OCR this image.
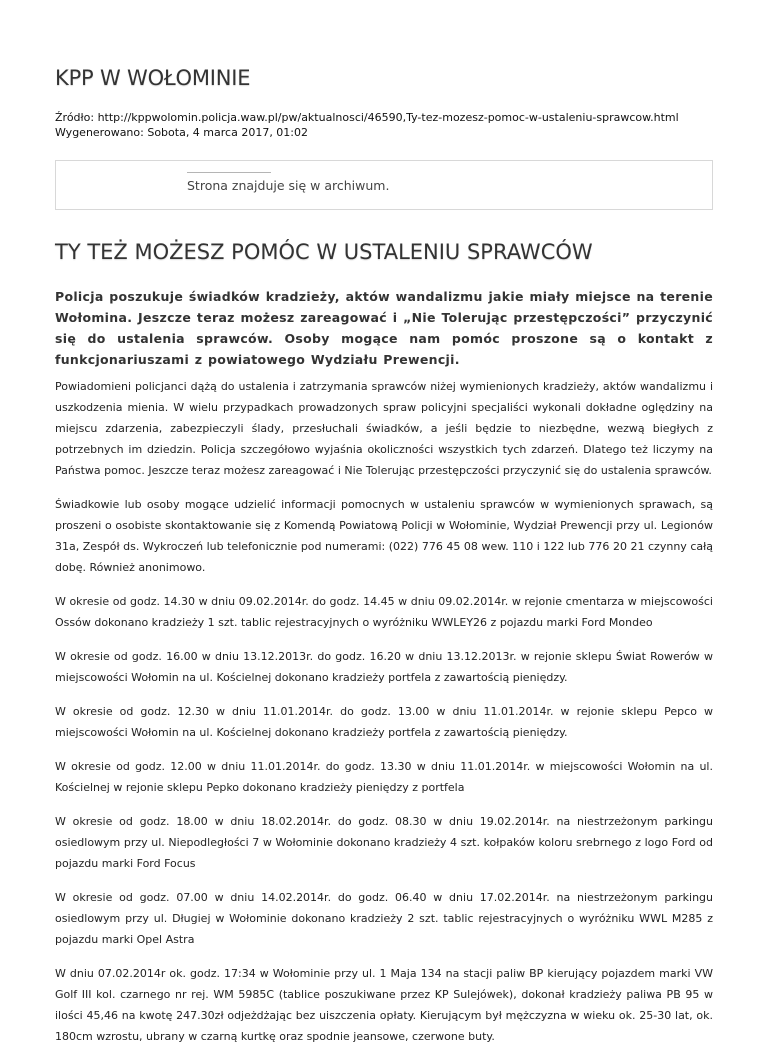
KPP W WOŁOMINIE
Źródło: http://kppwolomin.policja.waw.pl/pw/aktualnosci/46590,Ty-tez-mozesz-pomoc-w-ustaleniu-sprawcow.html
Wygenerowano: Sobota, 4 marca 2017, 01:02
Strona znajduje się w archiwum.
TY TEŻ MOŻESZ POMÓC W USTALENIU SPRAWCÓW

Policja poszukuje świadków kradzieży, aktów wandalizmu jakie miały miejsce na terenie Wołomina. Jeszcze teraz możesz zareagować i „Nie Tolerując przestępczości” przyczynić się do ustalenia sprawców. Osoby mogące nam pomóc proszone są o kontakt z funkcjonariuszami z powiatowego Wydziału Prewencji.

Powiadomieni policjanci dążą do ustalenia i zatrzymania sprawców niżej wymienionych kradzieży, aktów wandalizmu i uszkodzenia mienia. W wielu przypadkach prowadzonych spraw policyjni specjaliści wykonali dokładne oględziny na miejscu zdarzenia, zabezpieczyli ślady, przesłuchali świadków, a jeśli będzie to niezbędne, wezwą biegłych z potrzebnych im dziedzin. Policja szczegółowo wyjaśnia okoliczności wszystkich tych zdarzeń. Dlatego też liczymy na Państwa pomoc. Jeszcze teraz możesz zareagować i Nie Tolerując przestępczości przyczynić się do ustalenia sprawców.

Świadkowie lub osoby mogące udzielić informacji pomocnych w ustaleniu sprawców w wymienionych sprawach, są proszeni o osobiste skontaktowanie się z Komendą Powiatową Policji w Wołominie, Wydział Prewencji przy ul. Legionów 31a, Zespół ds. Wykroczeń lub telefonicznie pod numerami: (022) 776 45 08 wew. 110 i 122 lub 776 20 21 czynny całą dobę. Również anonimowo.

W okresie od godz. 14.30 w dniu 09.02.2014r. do godz. 14.45 w dniu 09.02.2014r. w rejonie cmentarza w miejscowości Ossów dokonano kradzieży 1 szt. tablic rejestracyjnych o wyróżniku WWLEY26 z pojazdu marki Ford Mondeo

W okresie od godz. 16.00 w dniu 13.12.2013r. do godz. 16.20 w dniu 13.12.2013r. w rejonie sklepu Świat Rowerów w miejscowości Wołomin na ul. Kościelnej dokonano kradzieży portfela z zawartością pieniędzy.

W okresie od godz. 12.30 w dniu 11.01.2014r. do godz. 13.00 w dniu 11.01.2014r. w rejonie sklepu Pepco w miejscowości Wołomin na ul. Kościelnej dokonano kradzieży portfela z zawartością pieniędzy.

W okresie od godz. 12.00 w dniu 11.01.2014r. do godz. 13.30 w dniu 11.01.2014r. w miejscowości Wołomin na ul. Kościelnej w rejonie sklepu Pepko dokonano kradzieży pieniędzy z portfela

W okresie od godz. 18.00 w dniu 18.02.2014r. do godz. 08.30 w dniu 19.02.2014r. na niestrzeżonym parkingu osiedlowym przy ul. Niepodległości 7 w Wołominie dokonano kradzieży 4 szt. kołpaków koloru srebrnego z logo Ford od pojazdu marki Ford Focus

W okresie od godz. 07.00 w dniu 14.02.2014r. do godz. 06.40 w dniu 17.02.2014r. na niestrzeżonym parkingu osiedlowym przy ul. Długiej w Wołominie dokonano kradzieży 2 szt. tablic rejestracyjnych o wyróżniku WWL M285 z pojazdu marki Opel Astra

W dniu 07.02.2014r ok. godz. 17:34 w Wołominie przy ul. 1 Maja 134 na stacji paliw BP kierujący pojazdem marki VW Golf III kol. czarnego nr rej. WM 5985C (tablice poszukiwane przez KP Sulejówek), dokonał kradzieży paliwa PB 95 w ilości 45,46 na kwotę 247.30zł odjeżdżając bez uiszczenia opłaty. Kierującym był mężczyzna w wieku ok. 25-30 lat, ok. 180cm wzrostu, ubrany w czarną kurtkę oraz spodnie jeansowe, czerwone buty.
